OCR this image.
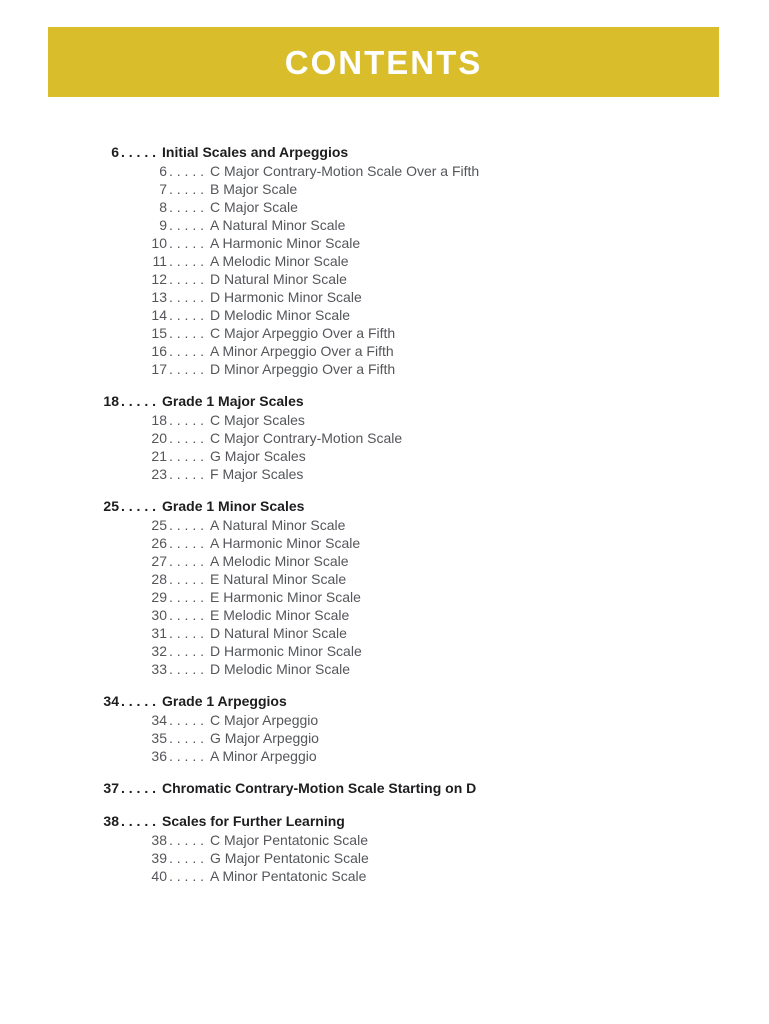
CONTENTS
6 . . . . . Initial Scales and Arpeggios
6 . . . . . C Major Contrary-Motion Scale Over a Fifth
7 . . . . . B Major Scale
8 . . . . . C Major Scale
9 . . . . . A Natural Minor Scale
10 . . . . . A Harmonic Minor Scale
11 . . . . . A Melodic Minor Scale
12 . . . . . D Natural Minor Scale
13 . . . . . D Harmonic Minor Scale
14 . . . . . D Melodic Minor Scale
15 . . . . . C Major Arpeggio Over a Fifth
16 . . . . . A Minor Arpeggio Over a Fifth
17 . . . . . D Minor Arpeggio Over a Fifth
18 . . . . . Grade 1 Major Scales
18 . . . . . C Major Scales
20 . . . . . C Major Contrary-Motion Scale
21 . . . . . G Major Scales
23 . . . . . F Major Scales
25 . . . . . Grade 1 Minor Scales
25 . . . . . A Natural Minor Scale
26 . . . . . A Harmonic Minor Scale
27 . . . . . A Melodic Minor Scale
28 . . . . . E Natural Minor Scale
29 . . . . . E Harmonic Minor Scale
30 . . . . . E Melodic Minor Scale
31 . . . . . D Natural Minor Scale
32 . . . . . D Harmonic Minor Scale
33 . . . . . D Melodic Minor Scale
34 . . . . . Grade 1 Arpeggios
34 . . . . . C Major Arpeggio
35 . . . . . G Major Arpeggio
36 . . . . . A Minor Arpeggio
37 . . . . . Chromatic Contrary-Motion Scale Starting on D
38 . . . . . Scales for Further Learning
38 . . . . . C Major Pentatonic Scale
39 . . . . . G Major Pentatonic Scale
40 . . . . . A Minor Pentatonic Scale
